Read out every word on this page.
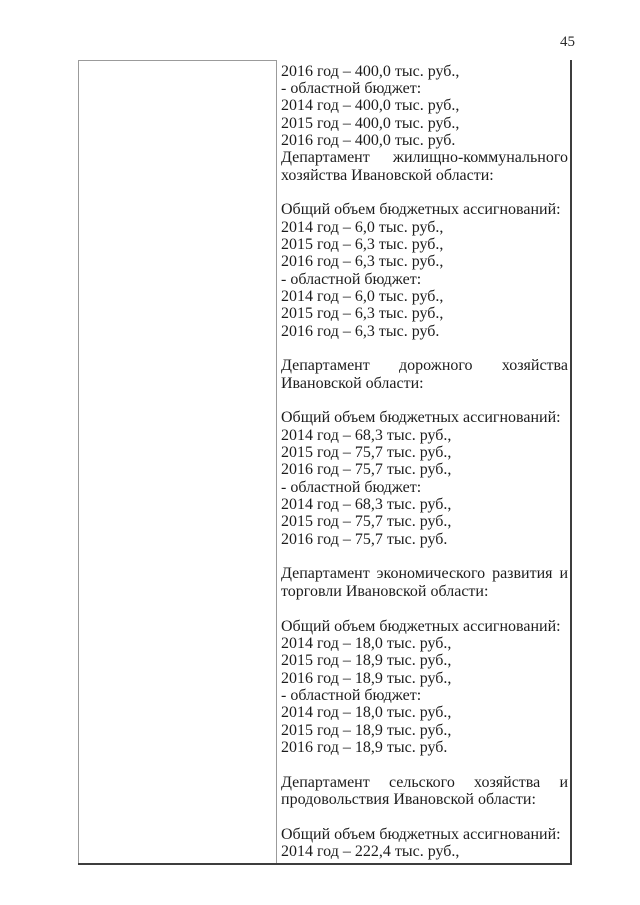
45
2016 год – 400,0 тыс. руб.,
- областной бюджет:
2014 год – 400,0 тыс. руб.,
2015 год – 400,0 тыс. руб.,
2016 год – 400,0 тыс. руб.
Департамент жилищно-коммунального
хозяйства Ивановской области:

Общий объем бюджетных ассигнований:
2014 год – 6,0 тыс. руб.,
2015 год – 6,3 тыс. руб.,
2016 год – 6,3 тыс. руб.,
- областной бюджет:
2014 год – 6,0 тыс. руб.,
2015 год – 6,3 тыс. руб.,
2016 год – 6,3 тыс. руб.

Департамент дорожного хозяйства
Ивановской области:

Общий объем бюджетных ассигнований:
2014 год – 68,3 тыс. руб.,
2015 год – 75,7 тыс. руб.,
2016 год – 75,7 тыс. руб.,
- областной бюджет:
2014 год – 68,3 тыс. руб.,
2015 год – 75,7 тыс. руб.,
2016 год – 75,7 тыс. руб.

Департамент экономического развития и
торговли Ивановской области:

Общий объем бюджетных ассигнований:
2014 год – 18,0 тыс. руб.,
2015 год – 18,9 тыс. руб.,
2016 год – 18,9 тыс. руб.,
- областной бюджет:
2014 год – 18,0 тыс. руб.,
2015 год – 18,9 тыс. руб.,
2016 год – 18,9 тыс. руб.

Департамент сельского хозяйства и
продовольствия Ивановской области:

Общий объем бюджетных ассигнований:
2014 год – 222,4 тыс. руб.,
